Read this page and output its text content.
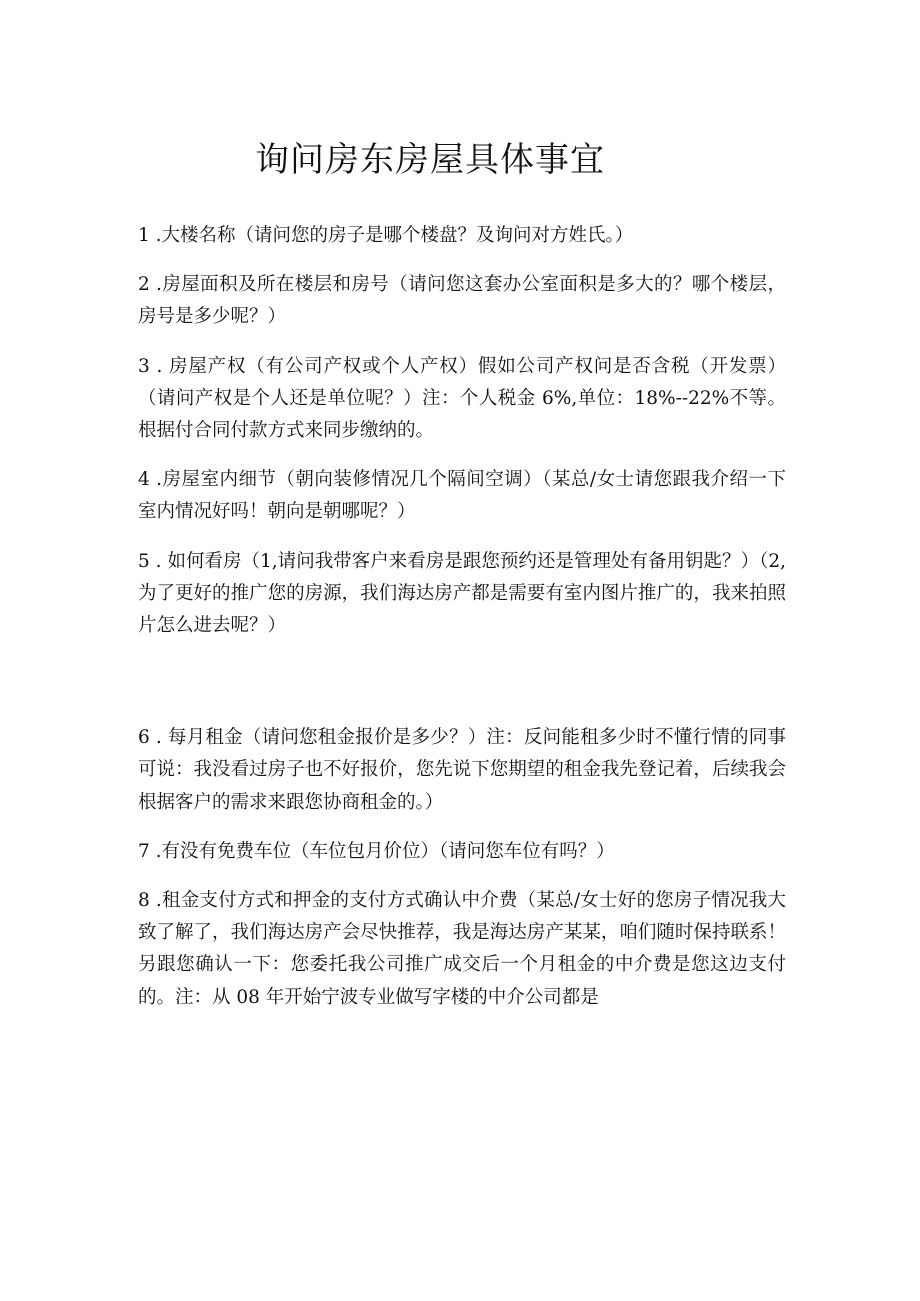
询问房东房屋具体事宜

1 .大楼名称（请问您的房子是哪个楼盘？及询问对方姓氏。）

2 .房屋面积及所在楼层和房号（请问您这套办公室面积是多大的？哪个楼层，房号是多少呢？）

3 . 房屋产权（有公司产权或个人产权）假如公司产权问是否含税（开发票）（请问产权是个人还是单位呢？）注：个人税金 6%,单位：18%--22%不等。根据付合同付款方式来同步缴纳的。

4 .房屋室内细节（朝向装修情况几个隔间空调）（某总/女士请您跟我介绍一下室内情况好吗！朝向是朝哪呢？）

5 . 如何看房（1,请问我带客户来看房是跟您预约还是管理处有备用钥匙？）（2,为了更好的推广您的房源，我们海达房产都是需要有室内图片推广的，我来拍照片怎么进去呢？）

6 . 每月租金（请问您租金报价是多少？）注：反问能租多少时不懂行情的同事可说：我没看过房子也不好报价，您先说下您期望的租金我先登记着，后续我会根据客户的需求来跟您协商租金的。）

7 .有没有免费车位（车位包月价位）（请问您车位有吗？）

8 .租金支付方式和押金的支付方式确认中介费（某总/女士好的您房子情况我大致了解了，我们海达房产会尽快推荐，我是海达房产某某，咱们随时保持联系！另跟您确认一下：您委托我公司推广成交后一个月租金的中介费是您这边支付的。注：从 08 年开始宁波专业做写字楼的中介公司都是
